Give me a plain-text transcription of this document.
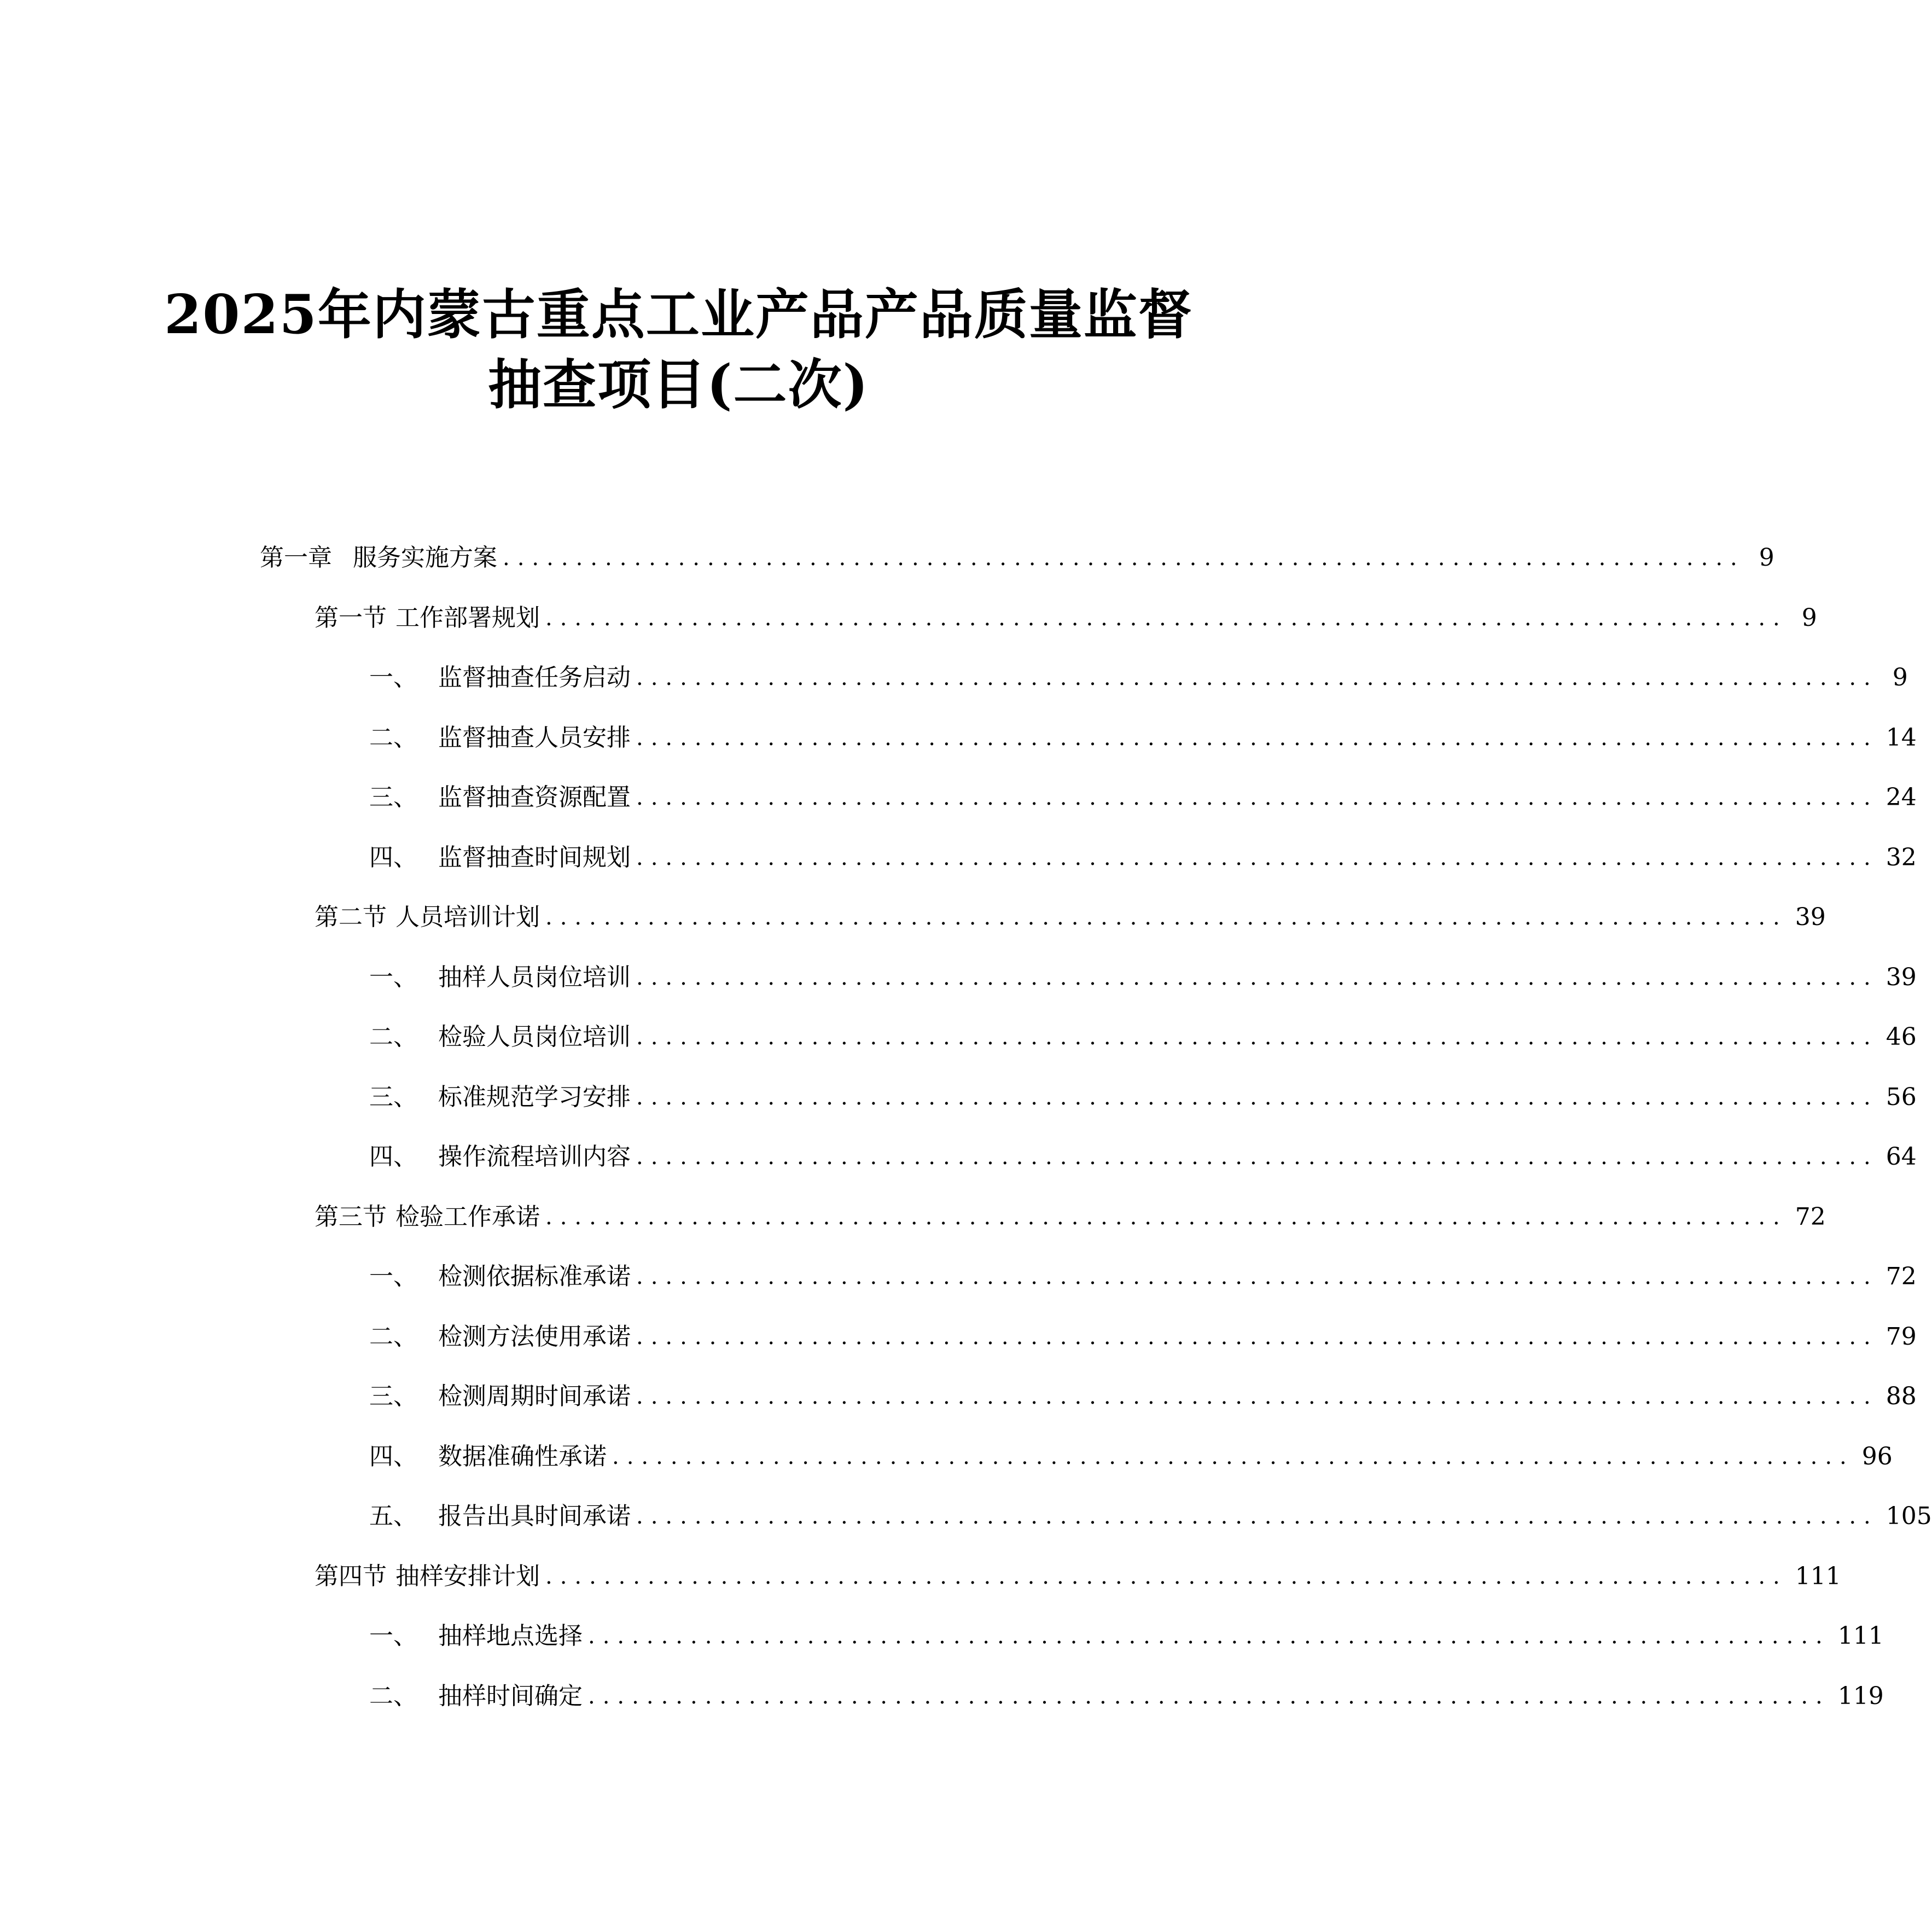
2025年内蒙古重点工业产品产品质量监督
抽查项目(二次)
第一章 服务实施方案 ..................................................................................... 9
第一节 工作部署规划 ..................................................................................... 9
一、 监督抽查任务启动 ..................................................................................... 9
二、 监督抽查人员安排 ..................................................................................... 14
三、 监督抽查资源配置 ..................................................................................... 24
四、 监督抽查时间规划 ..................................................................................... 32
第二节 人员培训计划 ..................................................................................... 39
一、 抽样人员岗位培训 ..................................................................................... 39
二、 检验人员岗位培训 ..................................................................................... 46
三、 标准规范学习安排 ..................................................................................... 56
四、 操作流程培训内容 ..................................................................................... 64
第三节 检验工作承诺 ..................................................................................... 72
一、 检测依据标准承诺 ..................................................................................... 72
二、 检测方法使用承诺 ..................................................................................... 79
三、 检测周期时间承诺 ..................................................................................... 88
四、 数据准确性承诺 ..................................................................................... 96
五、 报告出具时间承诺 ..................................................................................... 105
第四节 抽样安排计划 ..................................................................................... 111
一、 抽样地点选择 ..................................................................................... 111
二、 抽样时间确定 ..................................................................................... 119
